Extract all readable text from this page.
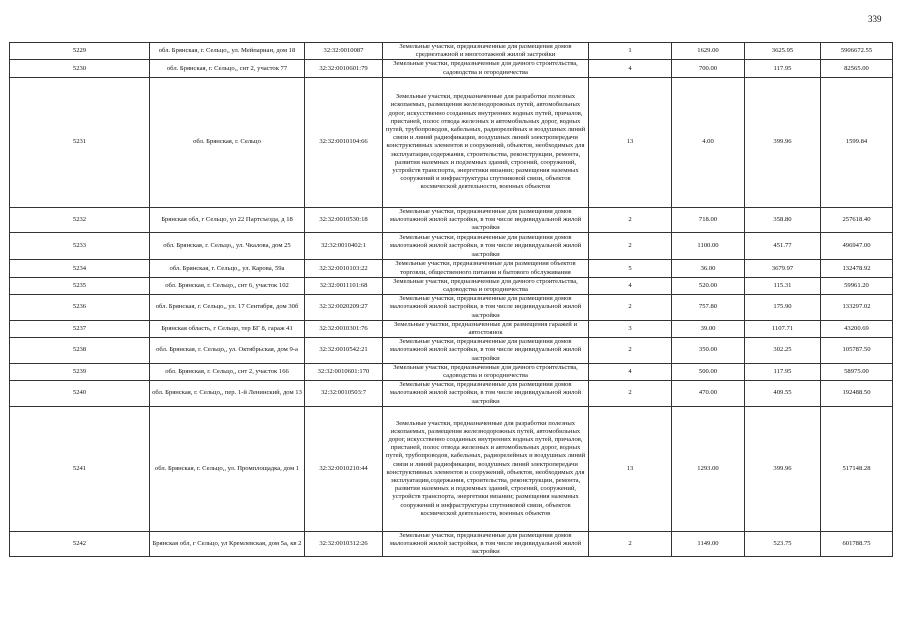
339
5229	обл. Брянская, г. Сельцо,, ул. Мейпариан, дом 18	32:32:0010087	Земельные участки, предназначенные для размещения домов среднеэтажной и многоэтажной жилой застройки	1	1629.00	3625.95	5906672.55
5230	обл. Брянская, г. Сельцо,, снт 2, участок 77	32:32:0010601:79	Земельные участки, предназначенные для дачного строительства, садоводства и огородничества	4	700.00	117.95	82565.00
5231	обл. Брянская, г. Сельцо	32:32:0010104:66	Земельные участки, предназначенные для разработки полезных ископаемых, размещения железнодорожных путей, автомобильных дорог, искусственно созданных внутренних водных путей, причалов, пристаней, полос отвода железных и автомобильных дорог, водных путей, трубопроводов, кабельных, радиорелейных и воздушных линий связи и линий радиофикации, воздушных линий электропередачи конструктивных элементов и сооружений, объектов, необходимых для эксплуатации,содержания, строительства, реконструкции, ремонта, развития наземных и подземных зданий, строений, сооружений, устройств транспорта, энергетики вязанин; размещения наземных сооружений и инфраструктуры спутниковой связи, объектов космической деятельности, военных объектов	13	4.00	399.96	1599.84
5232	Брянская обл, г Сельцо, ул 22 Партсъезда, д 18	32:32:0010530:18	Земельные участки, предназначенные для размещения домов малоэтажной жилой застройки, в том числе индивидуальной жилой застройки	2	718.00	358.80	257618.40
5233	обл. Брянская, г. Сельцо,, ул. Чкалова, дом 25	32:32:0010402:1	Земельные участки, предназначенные для размещения домов малоэтажной жилой застройки, в том числе индивидуальной жилой застройки	2	1100.00	451.77	496947.00
5234	обл. Брянская, г. Сельцо,, ул. Карова, 59а	32:32:0010103:22	Земельные участки, предназначенные для размещения объектов торговли, общественного питания и бытового обслуживания	5	36.00	3679.97	132478.92
5235	обл. Брянская, г. Сельцо,, снт 6, участок 102	32:32:0011101:68	Земельные участки, предназначенные для дачного строительства, садоводства и огородничества	4	520.00	115.31	59961.20
5236	обл. Брянская, г. Сельцо,, ул. 17 Сентября, дом 30б	32:32:0020209:27	Земельные участки, предназначенные для размещения домов малоэтажной жилой застройки, в том числе индивидуальной жилой застройки	2	757.80	175.90	133297.02
5237	Брянская область, г Сельцо, тер БГ 8, гараж 41	32:32:0010301:76	Земельные участки, предназначенные для размещения гаражей и автостоянок	3	39.00	1107.71	43200.69
5238	обл. Брянская, г. Сельцо,, ул. Октябрьская, дом 9-а	32:32:0010542:21	Земельные участки, предназначенные для размещения домов малоэтажной жилой застройки, в том числе индивидуальной жилой застройки	2	350.00	302.25	105787.50
5239	обл. Брянская, г. Сельцо,, снт 2, участок 166	32:32:0010601:170	Земельные участки, предназначенные для дачного строительства, садоводства и огородничества	4	500.00	117.95	58975.00
5240	обл. Брянская, г. Сельцо,, пер. 1-й Ленинский, дом 13	32:32:0010503:7	Земельные участки, предназначенные для размещения домов малоэтажной жилой застройки, в том числе индивидуальной жилой застройки	2	470.00	409.55	192488.50
5241	обл. Брянская, г. Сельцо,, ул. Промплощадка, дом 1	32:32:0010210:44	Земельные участки, предназначенные для разработки полезных ископаемых, размещения железнодорожных путей, автомобильных дорог, искусственно созданных внутренних водных путей, причалов, пристаней, полос отвода железных и автомобильных дорог, водных путей, трубопроводов, кабельных, радиорелейных и воздушных линий связи и линий радиофикации, воздушных линий электропередачи конструктивных элементов и сооружений, объектов, необходимых для эксплуатации,содержания, строительства, реконструкции, ремонта, развития наземных и подземных зданий, строений, сооружений, устройств транспорта, энергетики вязанин; размещения наземных сооружений и инфраструктуры спутниковой связи, объектов космической деятельности, военных объектов	13	1293.00	399.96	517148.28
5242	Брянская обл, г Сельцо, ул Кремлевская, дом 5а, кв 2	32:32:0010312:26	Земельные участки, предназначенные для размещения домов малоэтажной жилой застройки, в том числе индивидуальной жилой застройки	2	1149.00	523.75	601788.75
